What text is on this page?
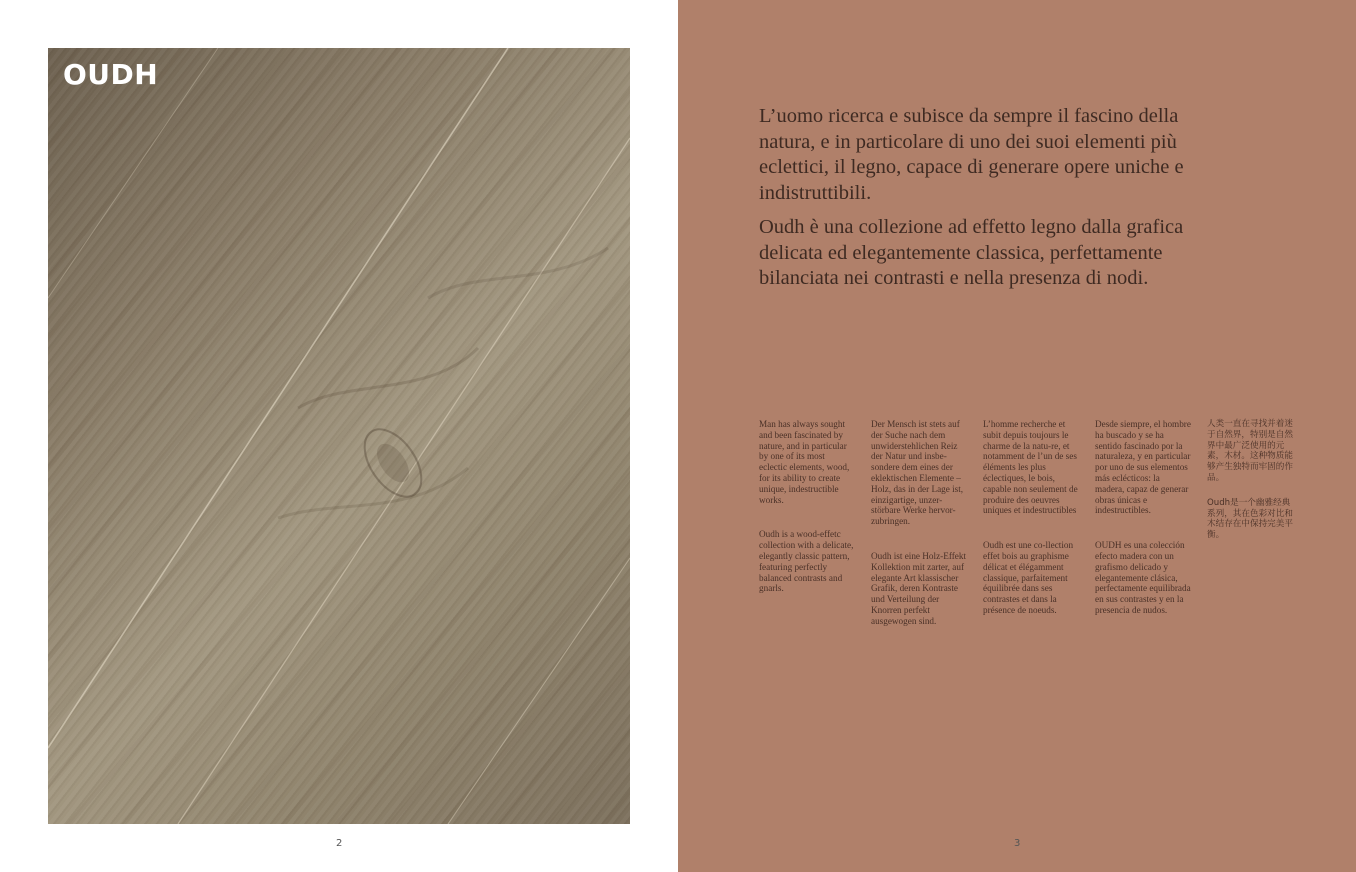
OUDH
2

L’uomo ricerca e subisce da sempre il fascino della natura, e in particolare di uno dei suoi elementi più eclettici, il legno, capace di generare opere uniche e indistruttibili.

Oudh è una collezione ad effetto legno dalla grafica delicata ed elegantemente classica, perfettamente bilanciata nei contrasti e nella presenza di nodi.

Man has always sought and been fascinated by nature, and in particular by one of its most eclectic elements, wood, for its ability to create unique, indestructible works.

Oudh is a wood-effetc collection with a delicate, elegantly classic pattern, featuring perfectly balanced contrasts and gnarls.

Der Mensch ist stets auf der Suche nach dem unwiderstehlichen Reiz der Natur und insbe-sondere dem eines der eklektischen Elemente – Holz, das in der Lage ist, einzigartige, unzer-störbare Werke hervor-zubringen.

Oudh ist eine Holz-Effekt Kollektion mit zarter, auf elegante Art klassischer Grafik, deren Kontraste und Verteilung der Knorren perfekt ausgewogen sind.

L’homme recherche et subit depuis toujours le charme de la natu-re, et notamment de l’un de ses éléments les plus éclectiques, le bois, capable non seulement de produire des oeuvres uniques et indestructibles

Oudh est une co-llection effet bois au graphisme délicat et élégamment classique, parfaitement équilibrée dans ses contrastes et dans la présence de noeuds.

Desde siempre, el hombre ha buscado y se ha sentido fascinado por la naturaleza, y en particular por uno de sus elementos más eclécticos: la madera, capaz de generar obras únicas e indestructibles.

OUDH es una colección efecto madera con un grafismo delicado y elegantemente clásica, perfectamente equilibrada en sus contrastes y en la presencia de nudos.

人类一直在寻找并着迷于自然界，特别是自然界中最广泛使用的元素，木材。这种物质能够产生独特而牢固的作品。

Oudh是一个幽雅经典系列，其在色彩对比和木结存在中保持完美平衡。

3
